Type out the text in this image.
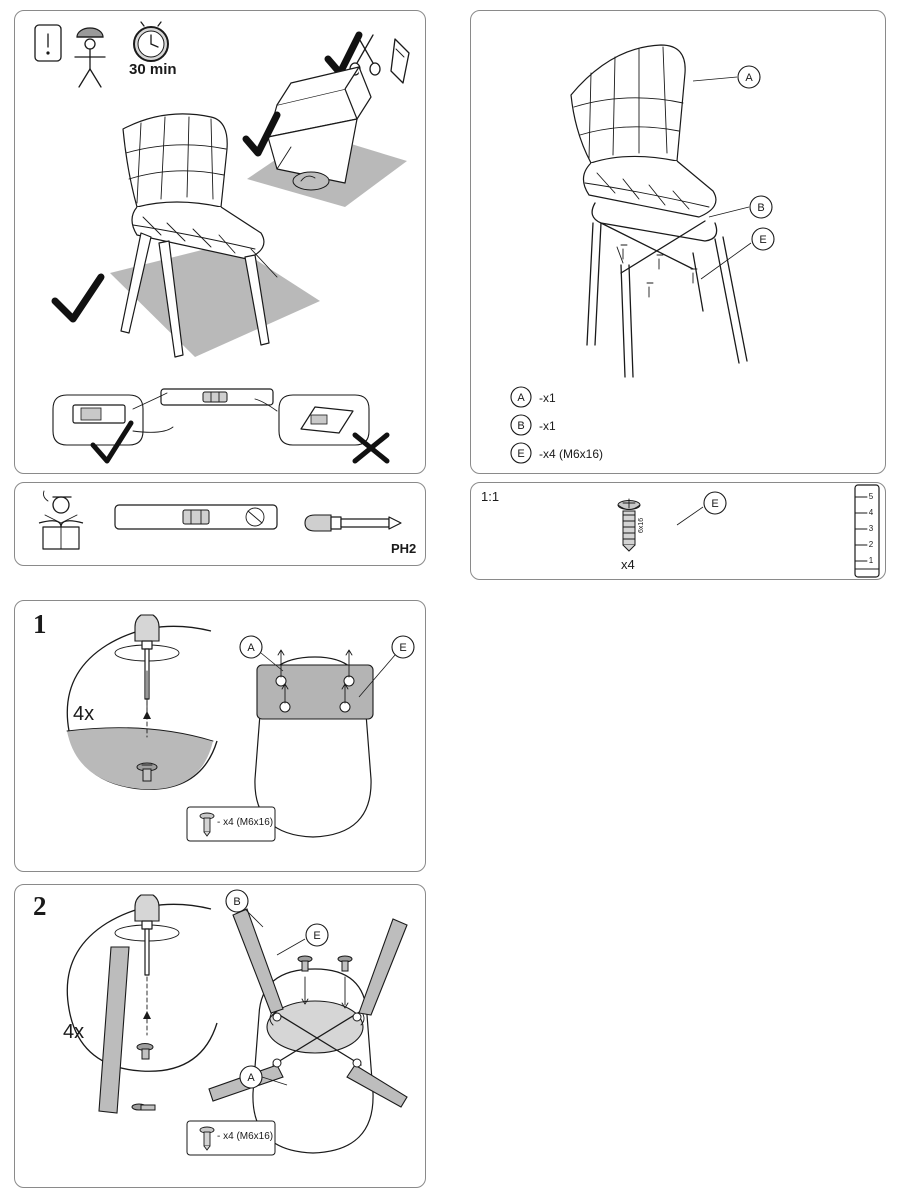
30 min
PH2
A
B
E
A
B
E
-x1
-x1
-x4 (M6x16)
6x16
E
5
4
3
2
1
1:1
x4
A	E
1
4x
- x4 (M6x16)
B
E
A
2
4x
- x4 (M6x16)
